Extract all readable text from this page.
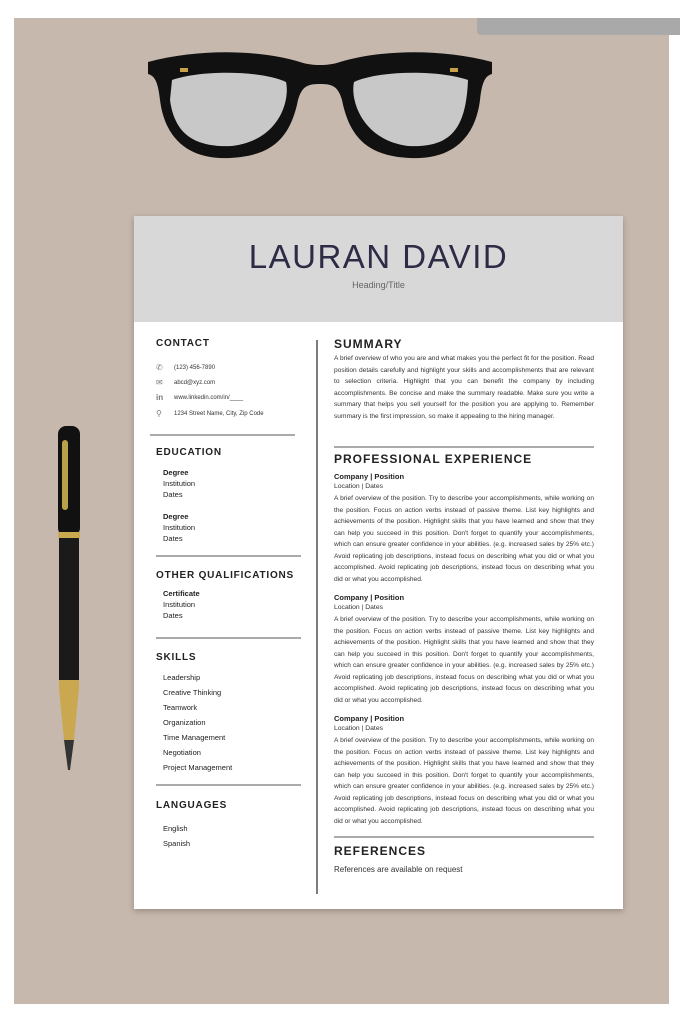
LAURAN DAVID
Heading/Title
CONTACT
✆ (123) 456-7890
✉ abcd@xyz.com
in www.linkedin.com/in/____
⚲ 1234 Street Name, City, Zip Code
EDUCATION
Degree
Institution
Dates
Degree
Institution
Dates
OTHER QUALIFICATIONS
Certificate
Institution
Dates
SKILLS
Leadership
Creative Thinking
Teamwork
Organization
Time Management
Negotiation
Project Management
LANGUAGES
English
Spanish
SUMMARY
A brief overview of who you are and what makes you the perfect fit for the position. Read position details carefully and highlight your skills and accomplishments that are relevant to selection criteria. Highlight that you can benefit the company by including accomplishments. Be concise and make the summary readable. Make sure you write a summary that helps you sell yourself for the position you are applying to. Remember summary is the first impression, so make it appealing to the hiring manager.
PROFESSIONAL EXPERIENCE
Company | Position
Location | Dates
A brief overview of the position. Try to describe your accomplishments, while working on the position. Focus on action verbs instead of passive theme. List key highlights and achievements of the position. Highlight skills that you have learned and show that they can help you succeed in this position. Don't forget to quantify your accomplishments, which can ensure greater confidence in your abilities. (e.g. increased sales by 25% etc.) Avoid replicating job descriptions, instead focus on describing what you did or what you accomplished. Avoid replicating job descriptions, instead focus on describing what you did or what you accomplished.
Company | Position
Location | Dates
A brief overview of the position. Try to describe your accomplishments, while working on the position. Focus on action verbs instead of passive theme. List key highlights and achievements of the position. Highlight skills that you have learned and show that they can help you succeed in this position. Don't forget to quantify your accomplishments, which can ensure greater confidence in your abilities. (e.g. increased sales by 25% etc.) Avoid replicating job descriptions, instead focus on describing what you did or what you accomplished. Avoid replicating job descriptions, instead focus on describing what you did or what you accomplished.
Company | Position
Location | Dates
A brief overview of the position. Try to describe your accomplishments, while working on the position. Focus on action verbs instead of passive theme. List key highlights and achievements of the position. Highlight skills that you have learned and show that they can help you succeed in this position. Don't forget to quantify your accomplishments, which can ensure greater confidence in your abilities. (e.g. increased sales by 25% etc.) Avoid replicating job descriptions, instead focus on describing what you did or what you accomplished. Avoid replicating job descriptions, instead focus on describing what you did or what you accomplished.
REFERENCES
References are available on request
